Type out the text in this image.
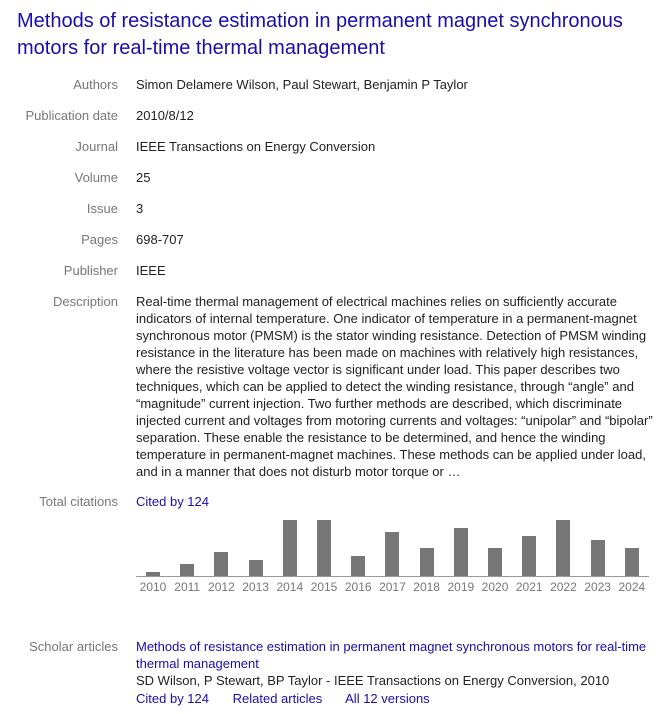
Methods of resistance estimation in permanent magnet synchronous motors for real-time thermal management
Authors Simon Delamere Wilson, Paul Stewart, Benjamin P Taylor
Publication date 2010/8/12
Journal IEEE Transactions on Energy Conversion
Volume 25
Issue 3
Pages 698-707
Publisher IEEE
Description Real-time thermal management of electrical machines relies on sufficiently accurate indicators of internal temperature. One indicator of temperature in a permanent-magnet synchronous motor (PMSM) is the stator winding resistance. Detection of PMSM winding resistance in the literature has been made on machines with relatively high resistances, where the resistive voltage vector is significant under load. This paper describes two techniques, which can be applied to detect the winding resistance, through “angle” and “magnitude” current injection. Two further methods are described, which discriminate injected current and voltages from motoring currents and voltages: “unipolar” and “bipolar” separation. These enable the resistance to be determined, and hence the winding temperature in permanent-magnet machines. These methods can be applied under load, and in a manner that does not disturb motor torque or …
Total citations Cited by 124
2010 2011 2012 2013 2014 2015 2016 2017 2018 2019 2020 2021 2022 2023 2024
Scholar articles Methods of resistance estimation in permanent magnet synchronous motors for real-time thermal management
SD Wilson, P Stewart, BP Taylor - IEEE Transactions on Energy Conversion, 2010
Cited by 124 Related articles All 12 versions
